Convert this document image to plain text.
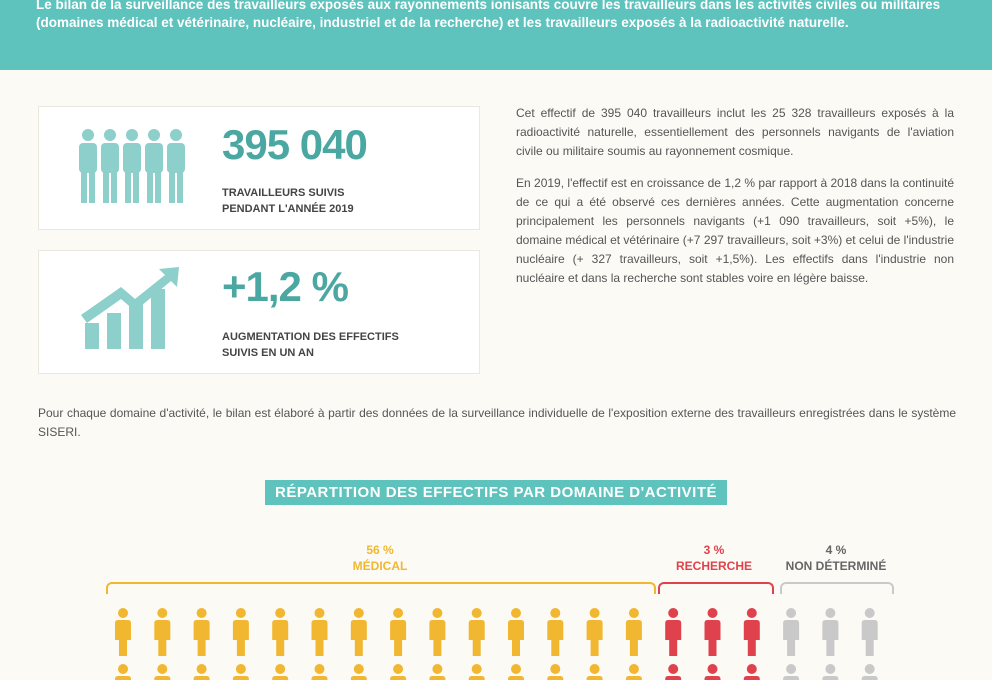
Le bilan de la surveillance des travailleurs exposés aux rayonnements ionisants couvre les travailleurs dans les activités civiles ou militaires (domaines médical et vétérinaire, nucléaire, industriel et de la recherche) et les travailleurs exposés à la radioactivité naturelle.

395 040
TRAVAILLEURS SUIVIS
PENDANT L'ANNÉE 2019
+1,2 %
AUGMENTATION DES EFFECTIFS
SUIVIS EN UN AN

Cet effectif de 395 040 travailleurs inclut les 25 328 travailleurs exposés à la radioactivité naturelle, essentiellement des personnels navigants de l'aviation civile ou militaire soumis au rayonnement cosmique.

En 2019, l'effectif est en croissance de 1,2 % par rapport à 2018 dans la continuité de ce qui a été observé ces dernières années. Cette augmentation concerne principalement les personnels navigants (+1 090 travailleurs, soit +5%), le domaine médical et vétérinaire (+7 297 travailleurs, soit +3%) et celui de l'industrie nucléaire (+ 327 travailleurs, soit +1,5%). Les effectifs dans l'industrie non nucléaire et dans la recherche sont stables voire en légère baisse.

Pour chaque domaine d'activité, le bilan est élaboré à partir des données de la surveillance individuelle de l'exposition externe des travailleurs enregistrées dans le système SISERI.

RÉPARTITION DES EFFECTIFS PAR DOMAINE D'ACTIVITÉ
56 %
MÉDICAL
3 %
RECHERCHE
4 %
NON DÉTERMINÉ
